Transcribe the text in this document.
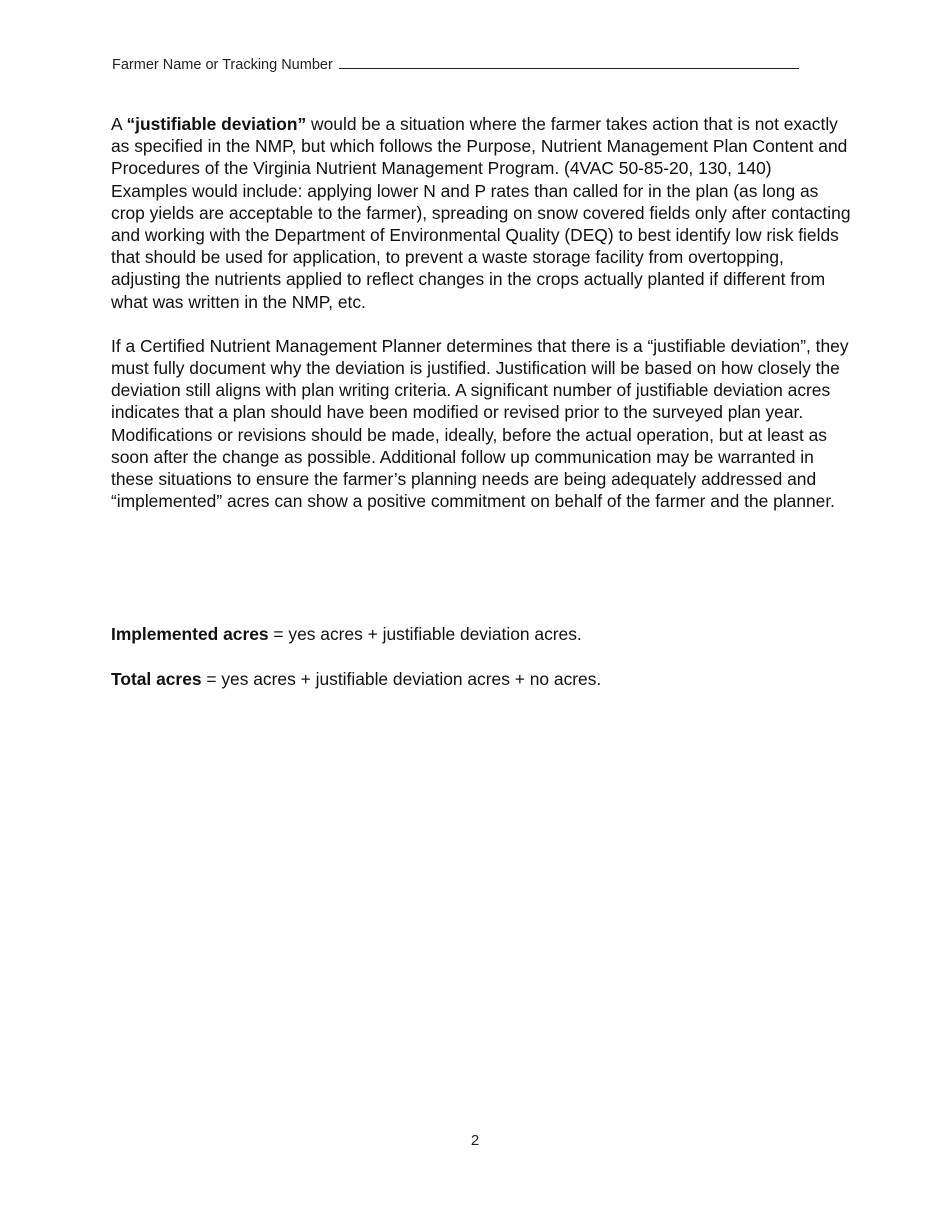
Farmer Name or Tracking Number

A “justifiable deviation” would be a situation where the farmer takes action that is not exactly as specified in the NMP, but which follows the Purpose, Nutrient Management Plan Content and Procedures of the Virginia Nutrient Management Program. (4VAC 50-85-20, 130, 140)

Examples would include: applying lower N and P rates than called for in the plan (as long as crop yields are acceptable to the farmer), spreading on snow covered fields only after contacting and working with the Department of Environmental Quality (DEQ) to best identify low risk fields that should be used for application, to prevent a waste storage facility from overtopping, adjusting the nutrients applied to reflect changes in the crops actually planted if different from what was written in the NMP, etc.

If a Certified Nutrient Management Planner determines that there is a “justifiable deviation”, they must fully document why the deviation is justified. Justification will be based on how closely the deviation still aligns with plan writing criteria. A significant number of justifiable deviation acres indicates that a plan should have been modified or revised prior to the surveyed plan year. Modifications or revisions should be made, ideally, before the actual operation, but at least as soon after the change as possible. Additional follow up communication may be warranted in these situations to ensure the farmer’s planning needs are being adequately addressed and “implemented” acres can show a positive commitment on behalf of the farmer and the planner.

Implemented acres = yes acres + justifiable deviation acres.
Total acres = yes acres + justifiable deviation acres + no acres.
2
